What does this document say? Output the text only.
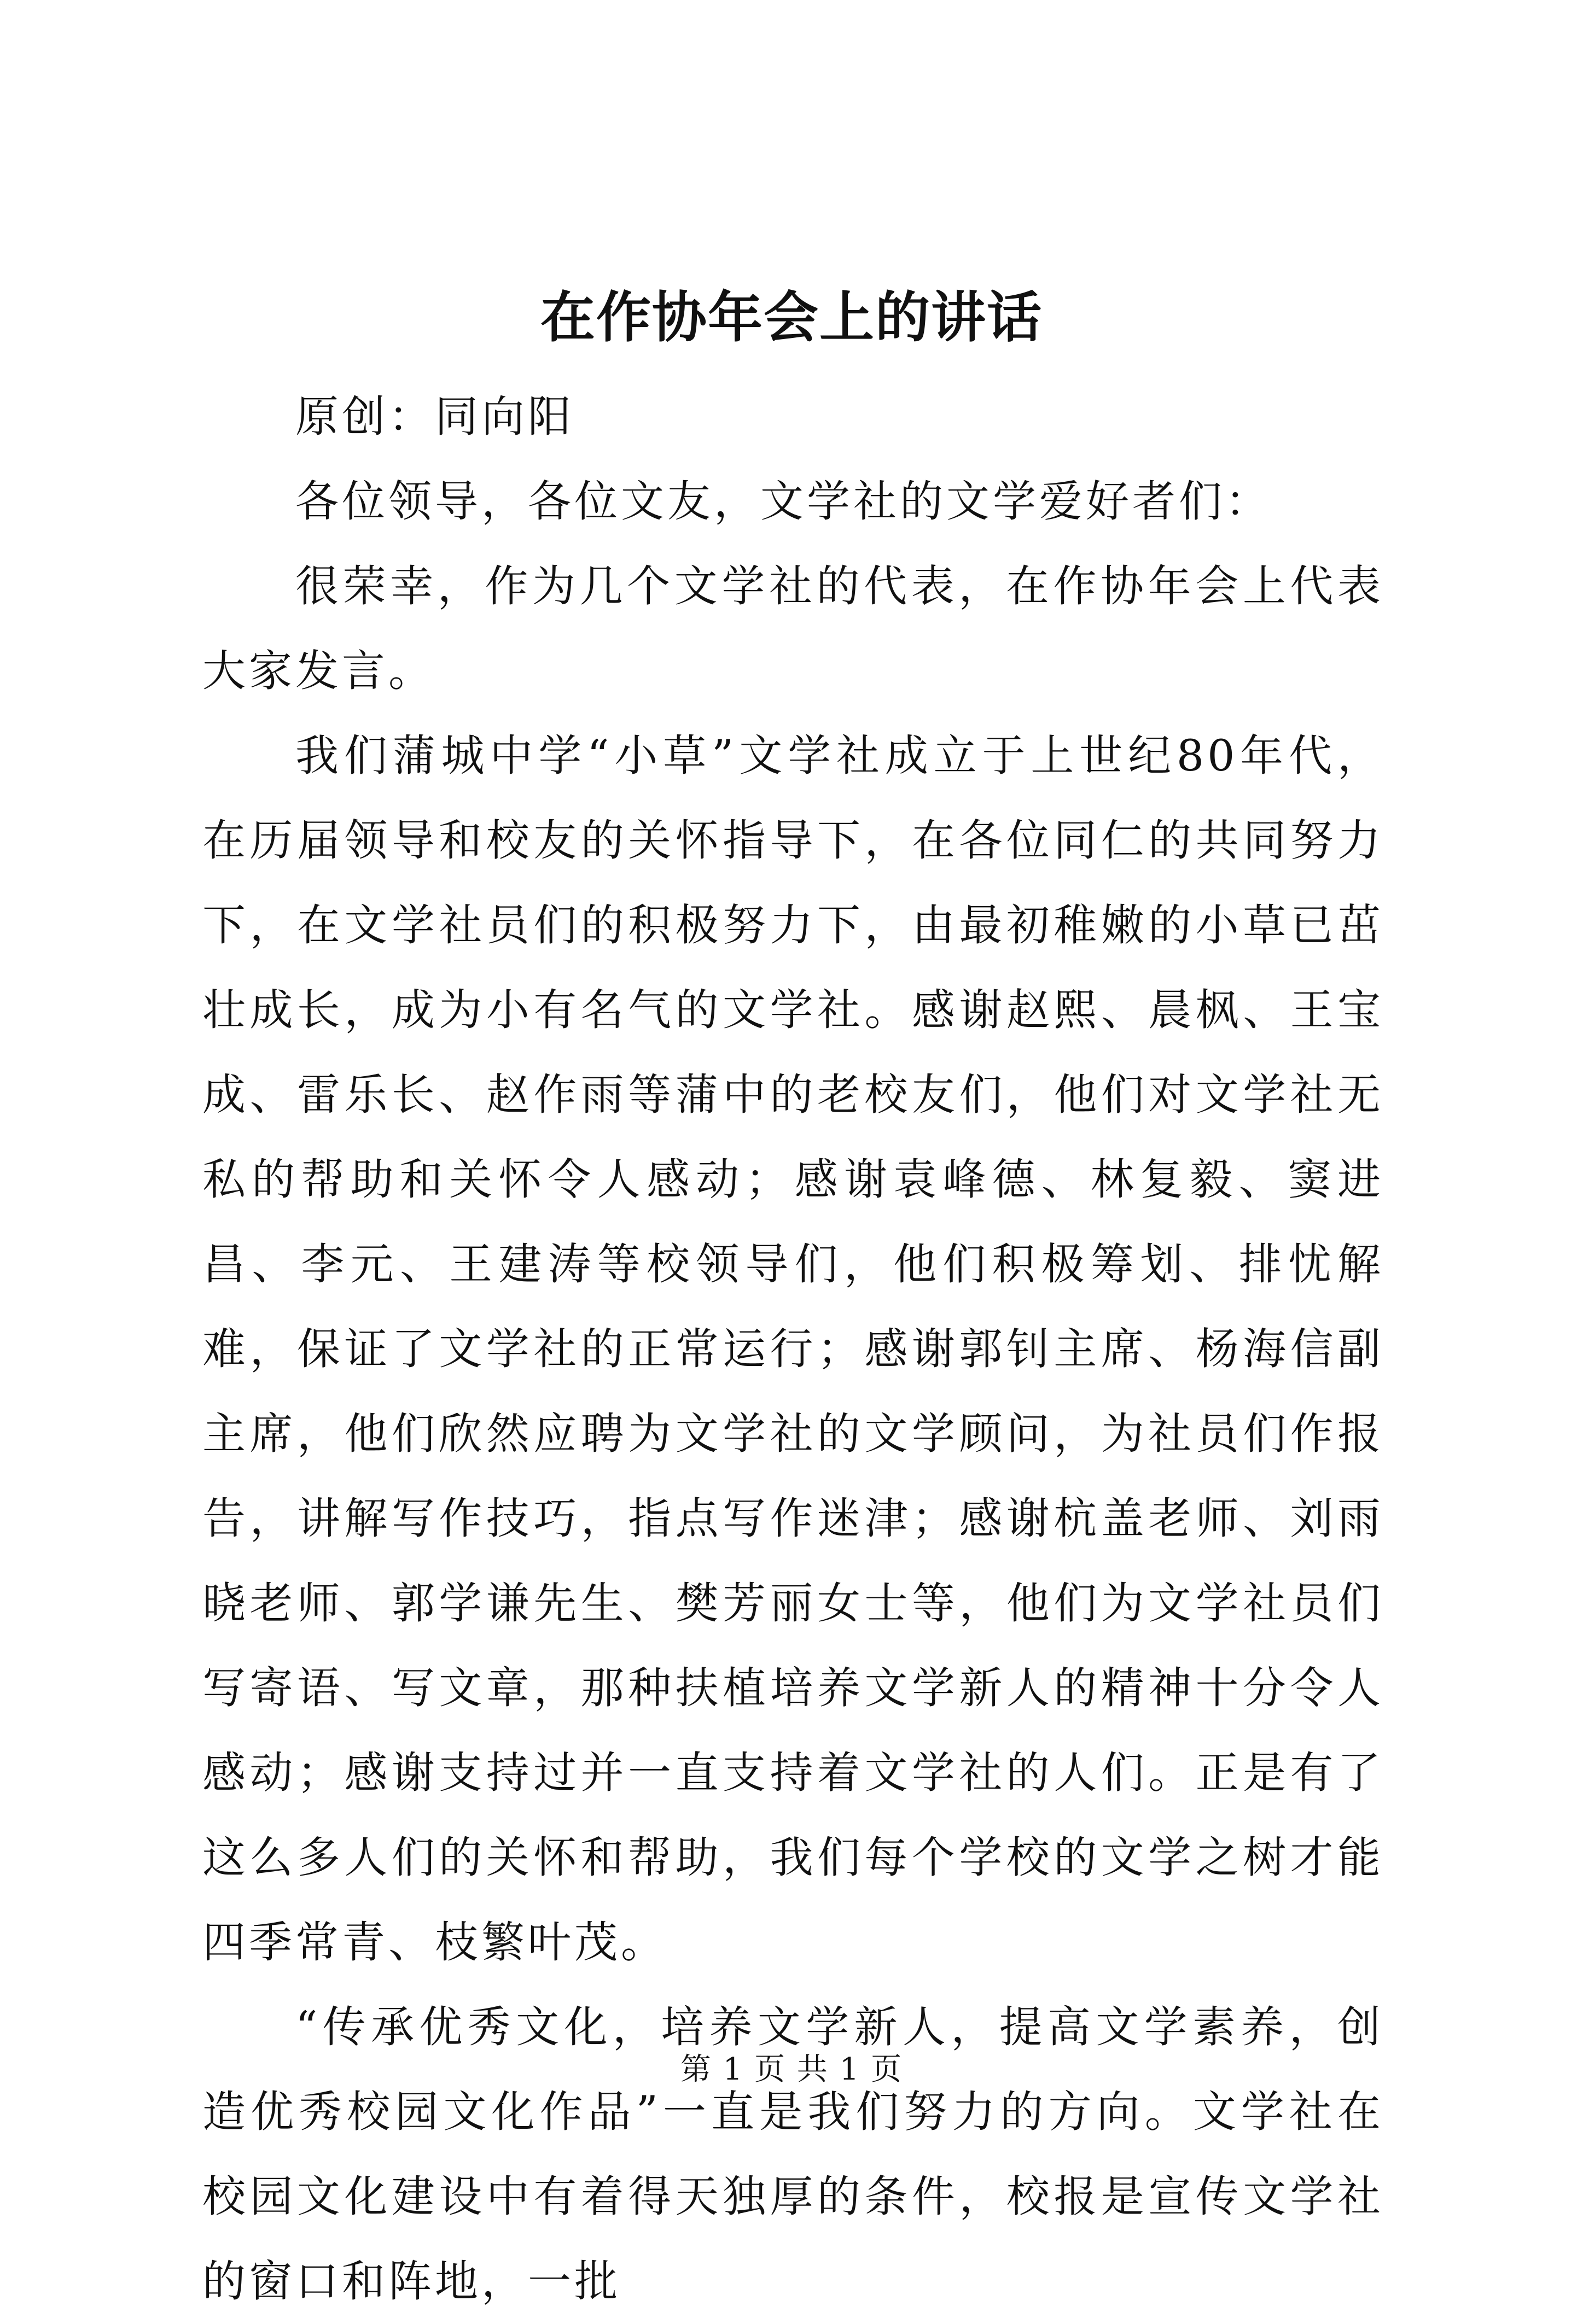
在作协年会上的讲话

原创：同向阳

各位领导，各位文友，文学社的文学爱好者们：

很荣幸，作为几个文学社的代表，在作协年会上代表大家发言。

我们蒲城中学“小草”文学社成立于上世纪80年代，在历届领导和校友的关怀指导下，在各位同仁的共同努力下，在文学社员们的积极努力下，由最初稚嫩的小草已茁壮成长，成为小有名气的文学社。感谢赵熙、晨枫、王宝成、雷乐长、赵作雨等蒲中的老校友们，他们对文学社无私的帮助和关怀令人感动；感谢袁峰德、林复毅、窦进昌、李元、王建涛等校领导们，他们积极筹划、排忧解难，保证了文学社的正常运行；感谢郭钊主席、杨海信副主席，他们欣然应聘为文学社的文学顾问，为社员们作报告，讲解写作技巧，指点写作迷津；感谢杭盖老师、刘雨晓老师、郭学谦先生、樊芳丽女士等，他们为文学社员们写寄语、写文章，那种扶植培养文学新人的精神十分令人感动；感谢支持过并一直支持着文学社的人们。正是有了这么多人们的关怀和帮助，我们每个学校的文学之树才能四季常青、枝繁叶茂。

“传承优秀文化，培养文学新人，提高文学素养，创造优秀校园文化作品”一直是我们努力的方向。文学社在校园文化建设中有着得天独厚的条件，校报是宣传文学社的窗口和阵地，一批

第 1 页 共 1 页
